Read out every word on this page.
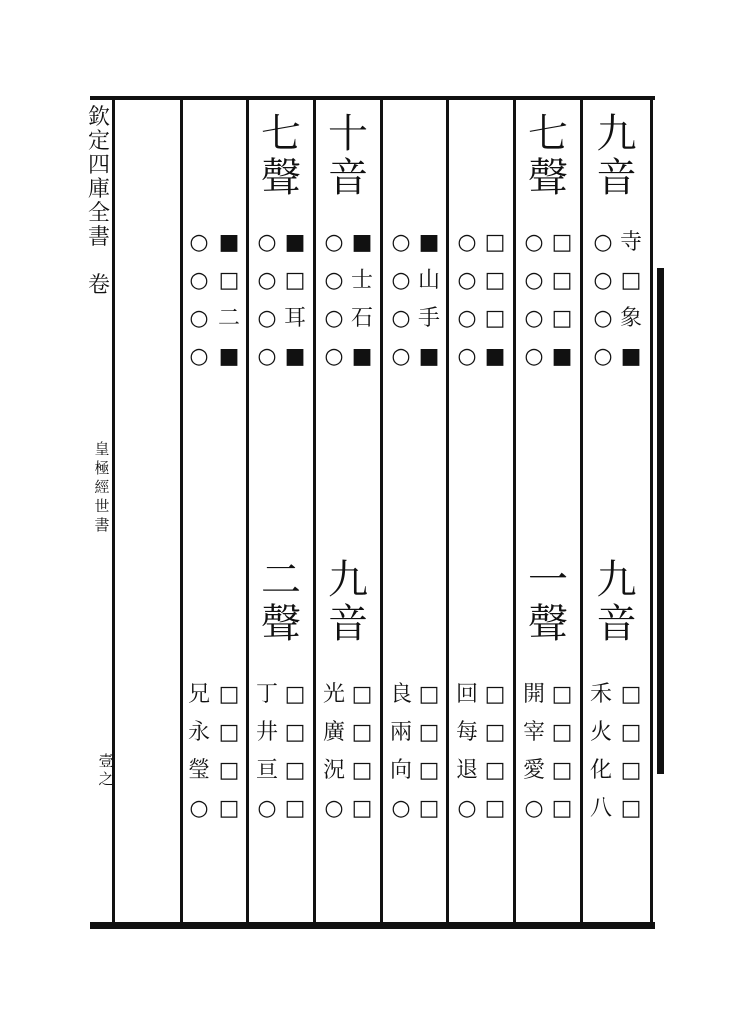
欽
定
四
庫
全
書
卷
皇
極
經
世
書
壹
之
九
音
○
○
○
○
寺
□
象
■
九
音
禾
火
化
八
□
□
□
□
七
聲
○
○
○
○
□
□
□
■
一
聲
開
宰
愛
○
□
□
□
□
○
○
○
○
□
□
□
■
回
每
退
○
□
□
□
□
○
○
○
○
■
山
手
■
良
兩
向
○
□
□
□
□
十
音
○
○
○
○
■
士
石
■
九
音
光
廣
況
○
□
□
□
□
七
聲
○
○
○
○
■
□
耳
■
二
聲
丁
井
亘
○
□
□
□
□
○
○
○
○
■
□
二
■
兄
永
瑩
○
□
□
□
□
